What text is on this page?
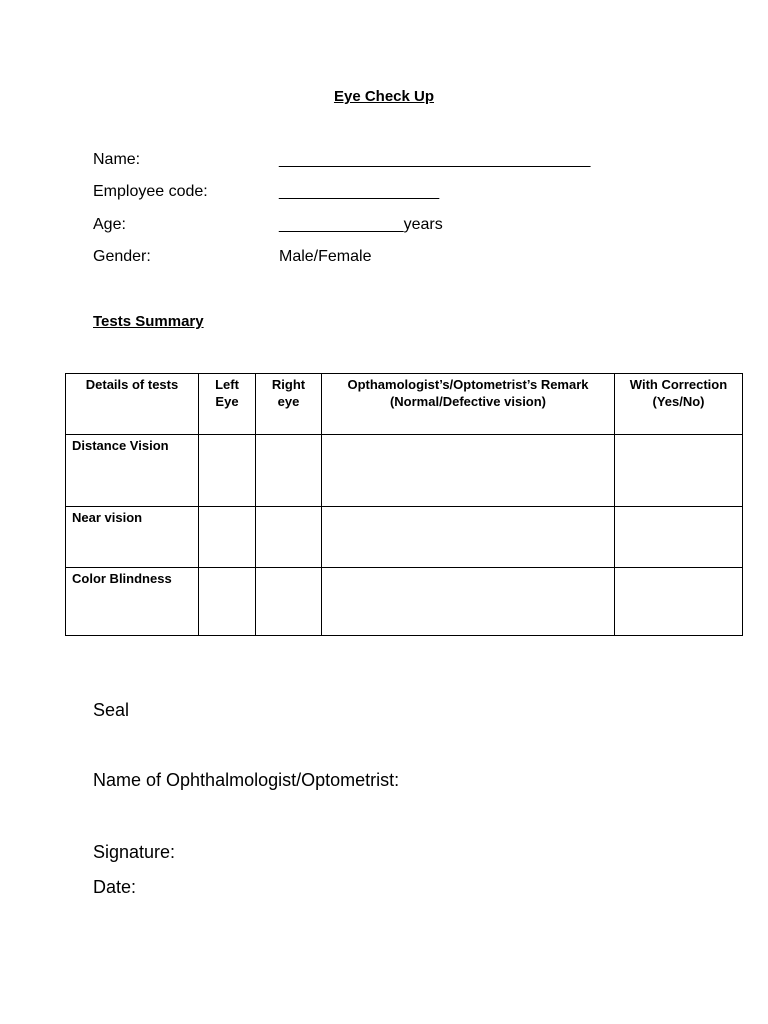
Eye Check Up
Name:	___________________________________
Employee code:	__________________
Age:	______________years
Gender:	Male/Female
Tests Summary
Details of tests	Left Eye	Right eye	Opthamologist’s/Optometrist’s Remark (Normal/Defective vision)	With Correction (Yes/No)
Distance Vision				
Near vision				
Color Blindness				

Seal

Name of Ophthalmologist/Optometrist:

Signature:

Date:
